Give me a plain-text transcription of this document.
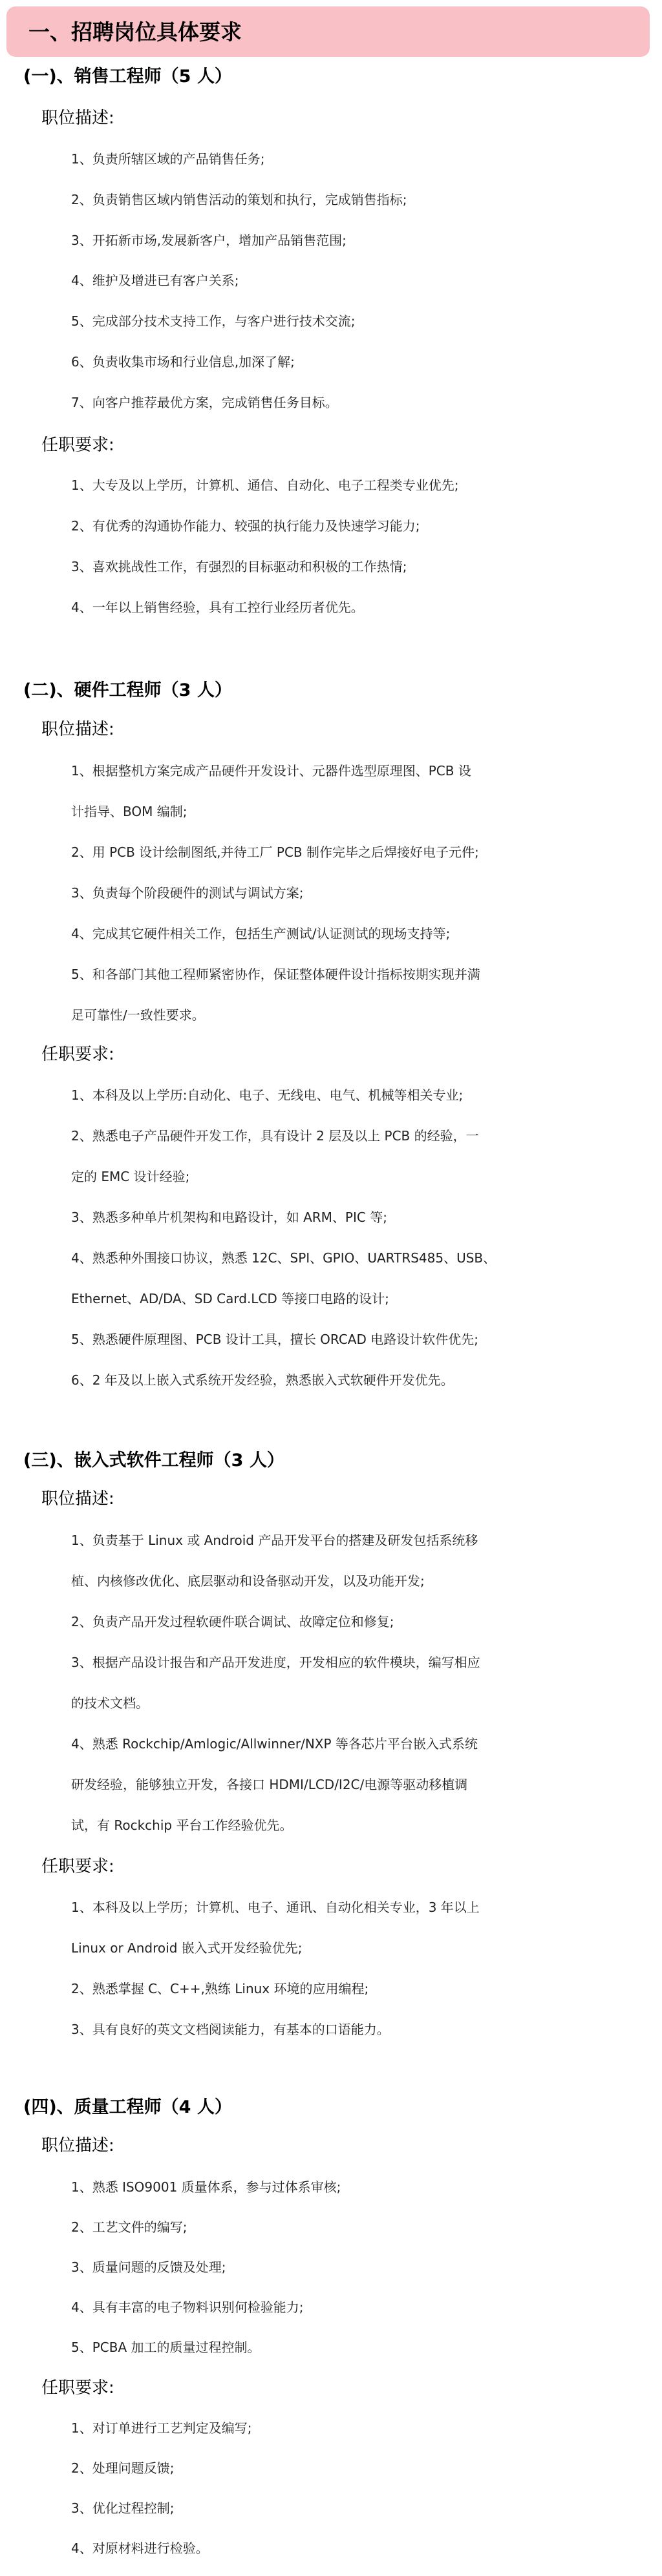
一、招聘岗位具体要求
(一)、销售工程师（5 人）
职位描述:
1、负责所辖区域的产品销售任务;
2、负责销售区域内销售活动的策划和执行，完成销售指标;
3、开拓新市场,发展新客户，增加产品销售范围;
4、维护及增进已有客户关系;
5、完成部分技术支持工作，与客户进行技术交流;
6、负责收集市场和行业信息,加深了解;
7、向客户推荐最优方案，完成销售任务目标。
任职要求:
1、大专及以上学历，计算机、通信、自动化、电子工程类专业优先;
2、有优秀的沟通协作能力、较强的执行能力及快速学习能力;
3、喜欢挑战性工作，有强烈的目标驱动和积极的工作热情;
4、一年以上销售经验，具有工控行业经历者优先。
(二)、硬件工程师（3 人）
职位描述:
1、根据整机方案完成产品硬件开发设计、元器件选型原理图、PCB 设
计指导、BOM 编制;
2、用 PCB 设计绘制图纸,并待工厂 PCB 制作完毕之后焊接好电子元件;
3、负责每个阶段硬件的测试与调试方案;
4、完成其它硬件相关工作，包括生产测试/认证测试的现场支持等;
5、和各部门其他工程师紧密协作，保证整体硬件设计指标按期实现并满
足可靠性/一致性要求。
任职要求:
1、本科及以上学历:自动化、电子、无线电、电气、机械等相关专业;
2、熟悉电子产品硬件开发工作，具有设计 2 层及以上 PCB 的经验，一
定的 EMC 设计经验;
3、熟悉多种单片机架构和电路设计，如 ARM、PIC 等;
4、熟悉种外围接口协议，熟悉 12C、SPI、GPIO、UARTRS485、USB、
Ethernet、AD/DA、SD Card.LCD 等接口电路的设计;
5、熟悉硬件原理图、PCB 设计工具，擅长 ORCAD 电路设计软件优先;
6、2 年及以上嵌入式系统开发经验，熟悉嵌入式软硬件开发优先。
(三)、嵌入式软件工程师（3 人）
职位描述:
1、负责基于 Linux 或 Android 产品开发平台的搭建及研发包括系统移
植、内核修改优化、底层驱动和设备驱动开发，以及功能开发;
2、负责产品开发过程软硬件联合调试、故障定位和修复;
3、根据产品设计报告和产品开发进度，开发相应的软件模块，编写相应
的技术文档。
4、熟悉 Rockchip/Amlogic/Allwinner/NXP 等各芯片平台嵌入式系统
研发经验，能够独立开发，各接口 HDMI/LCD/I2C/电源等驱动移植调
试，有 Rockchip 平台工作经验优先。
任职要求:
1、本科及以上学历；计算机、电子、通讯、自动化相关专业，3 年以上
Linux or Android 嵌入式开发经验优先;
2、熟悉掌握 C、C++,熟练 Linux 环境的应用编程;
3、具有良好的英文文档阅读能力，有基本的口语能力。
(四)、质量工程师（4 人）
职位描述:
1、熟悉 ISO9001 质量体系，参与过体系审核;
2、工艺文件的编写;
3、质量问题的反馈及处理;
4、具有丰富的电子物料识别何检验能力;
5、PCBA 加工的质量过程控制。
任职要求:
1、对订单进行工艺判定及编写;
2、处理问题反馈;
3、优化过程控制;
4、对原材料进行检验。
